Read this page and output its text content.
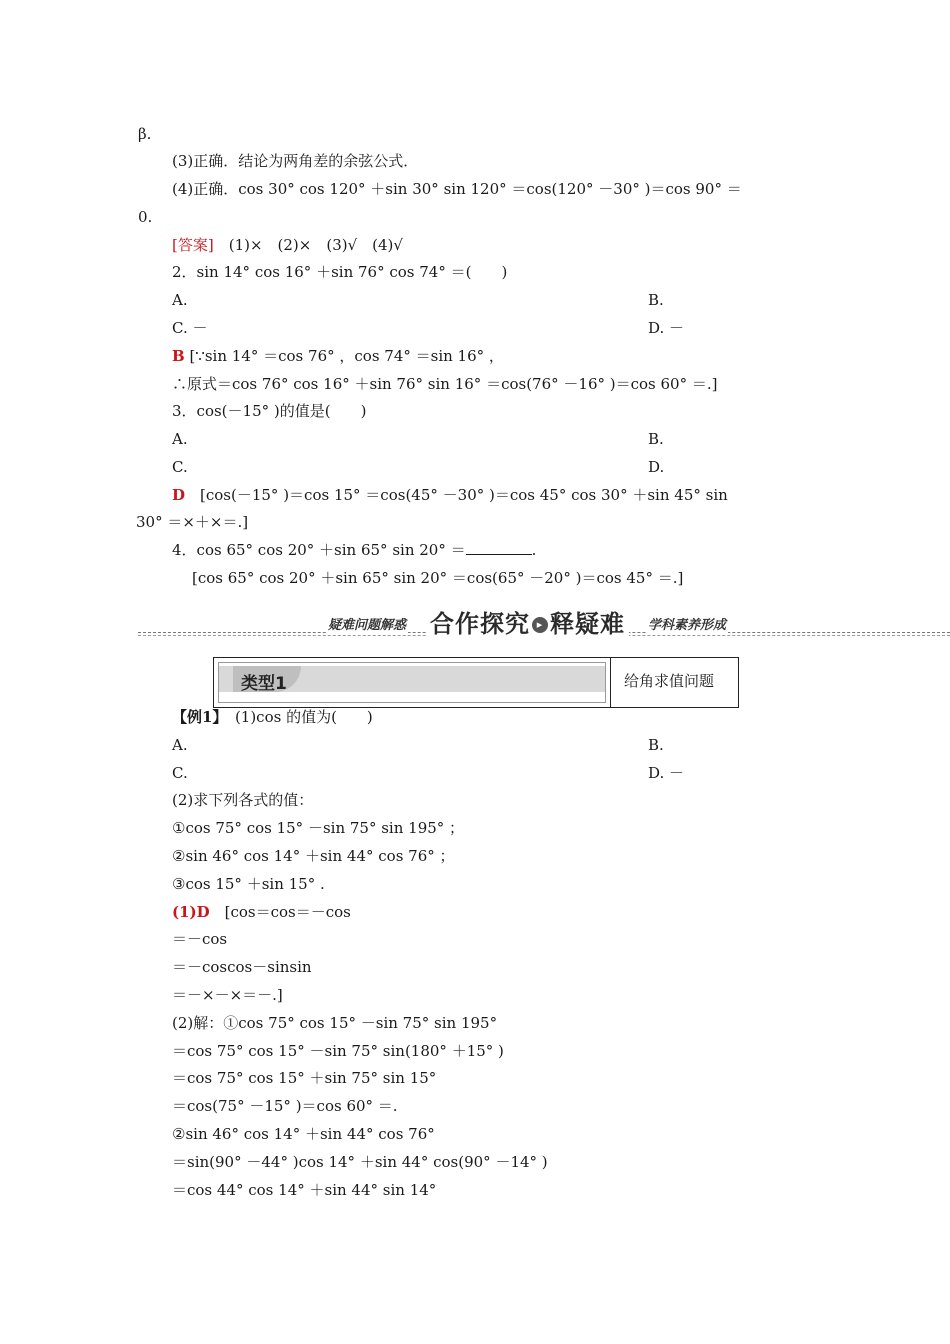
β.
(3)正确．结论为两角差的余弦公式．
(4)正确．cos 30° cos 120° ＋sin 30° sin 120° ＝cos(120° －30° )＝cos 90° ＝
0.
[答案]　(1)×　(2)×　(3)√　(4)√
2．sin 14° cos 16° ＋sin 76° cos 74° ＝(　　)
A.	B.
C. －	D. －
B [∵sin 14° ＝cos 76° ，cos 74° ＝sin 16° ，
∴原式＝cos 76° cos 16° ＋sin 76° sin 16° ＝cos(76° －16° )＝cos 60° ＝.]
3．cos(－15° )的值是(　　)
A.	B.
C.	D.
D　[cos(－15° )＝cos 15° ＝cos(45° －30° )＝cos 45° cos 30° ＋sin 45° sin
30° ＝×＋×＝.]
4．cos 65° cos 20° ＋sin 65° sin 20° ＝	.
[cos 65° cos 20° ＋sin 65° sin 20° ＝cos(65° －20° )＝cos 45° ＝.]
疑难问题解惑 合作探究 ▸ 释疑难	学科素养形成
类型1	给角求值问题
【例1】　(1)cos 的值为(　　)
A.	B.
C.	D. －
(2)求下列各式的值：
①cos 75° cos 15° －sin 75° sin 195° ；
②sin 46° cos 14° ＋sin 44° cos 76° ；
③cos 15° ＋sin 15° .
(1)D　[cos＝cos＝－cos
＝－cos
＝－coscos－sinsin
＝－×－×＝－.]
(2)解：①cos 75° cos 15° －sin 75° sin 195°
＝cos 75° cos 15° －sin 75° sin(180° ＋15° )
＝cos 75° cos 15° ＋sin 75° sin 15°
＝cos(75° －15° )＝cos 60° ＝.
②sin 46° cos 14° ＋sin 44° cos 76°
＝sin(90° －44° )cos 14° ＋sin 44° cos(90° －14° )
＝cos 44° cos 14° ＋sin 44° sin 14°
